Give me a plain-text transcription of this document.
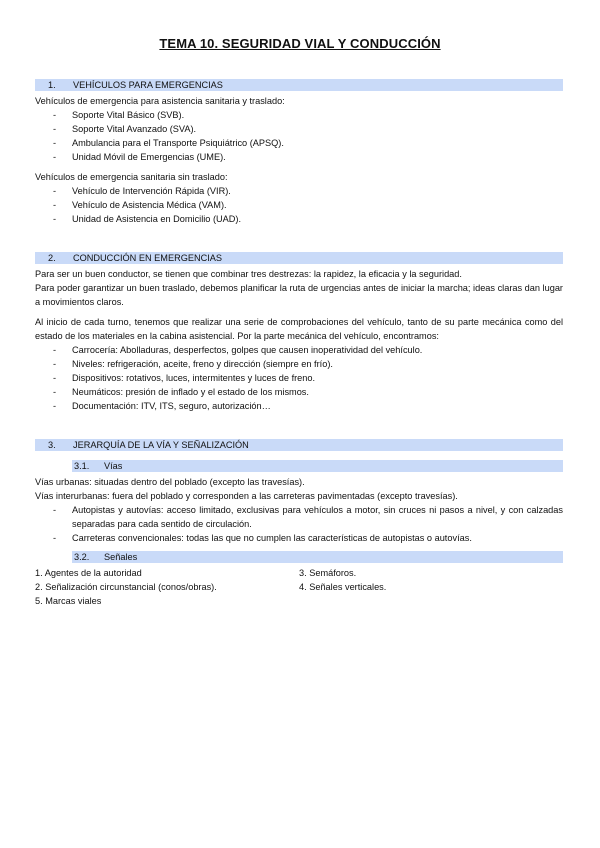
TEMA 10. SEGURIDAD VIAL Y CONDUCCIÓN
1. VEHÍCULOS PARA EMERGENCIAS

Vehículos de emergencia para asistencia sanitaria y traslado:

- Soporte Vital Básico (SVB).
- Soporte Vital Avanzado (SVA).
- Ambulancia para el Transporte Psiquiátrico (APSQ).
- Unidad Móvil de Emergencias (UME).

Vehículos de emergencia sanitaria sin traslado:

- Vehículo de Intervención Rápida (VIR).
- Vehículo de Asistencia Médica (VAM).
- Unidad de Asistencia en Domicilio (UAD).
2. CONDUCCIÓN EN EMERGENCIAS

Para ser un buen conductor, se tienen que combinar tres destrezas: la rapidez, la eficacia y la seguridad.

Para poder garantizar un buen traslado, debemos planificar la ruta de urgencias antes de iniciar la marcha; ideas claras dan lugar a movimientos claros.

Al inicio de cada turno, tenemos que realizar una serie de comprobaciones del vehículo, tanto de su parte mecánica como del estado de los materiales en la cabina asistencial. Por la parte mecánica del vehículo, encontramos:

- Carrocería: Abolladuras, desperfectos, golpes que causen inoperatividad del vehículo.
- Niveles: refrigeración, aceite, freno y dirección (siempre en frío).
- Dispositivos: rotativos, luces, intermitentes y luces de freno.
- Neumáticos: presión de inflado y el estado de los mismos.
- Documentación: ITV, ITS, seguro, autorización…
3. JERARQUÍA DE LA VÍA Y SEÑALIZACIÓN
3.1. Vías

Vías urbanas: situadas dentro del poblado (excepto las travesías).

Vías interurbanas: fuera del poblado y corresponden a las carreteras pavimentadas (excepto travesías).

- Autopistas y autovías: acceso limitado, exclusivas para vehículos a motor, sin cruces ni pasos a nivel, y con calzadas separadas para cada sentido de circulación.
- Carreteras convencionales: todas las que no cumplen las características de autopistas o autovías.
3.2. Señales

1. Agentes de la autoridad

2. Señalización circunstancial (conos/obras).

5. Marcas viales

3. Semáforos.

4. Señales verticales.
